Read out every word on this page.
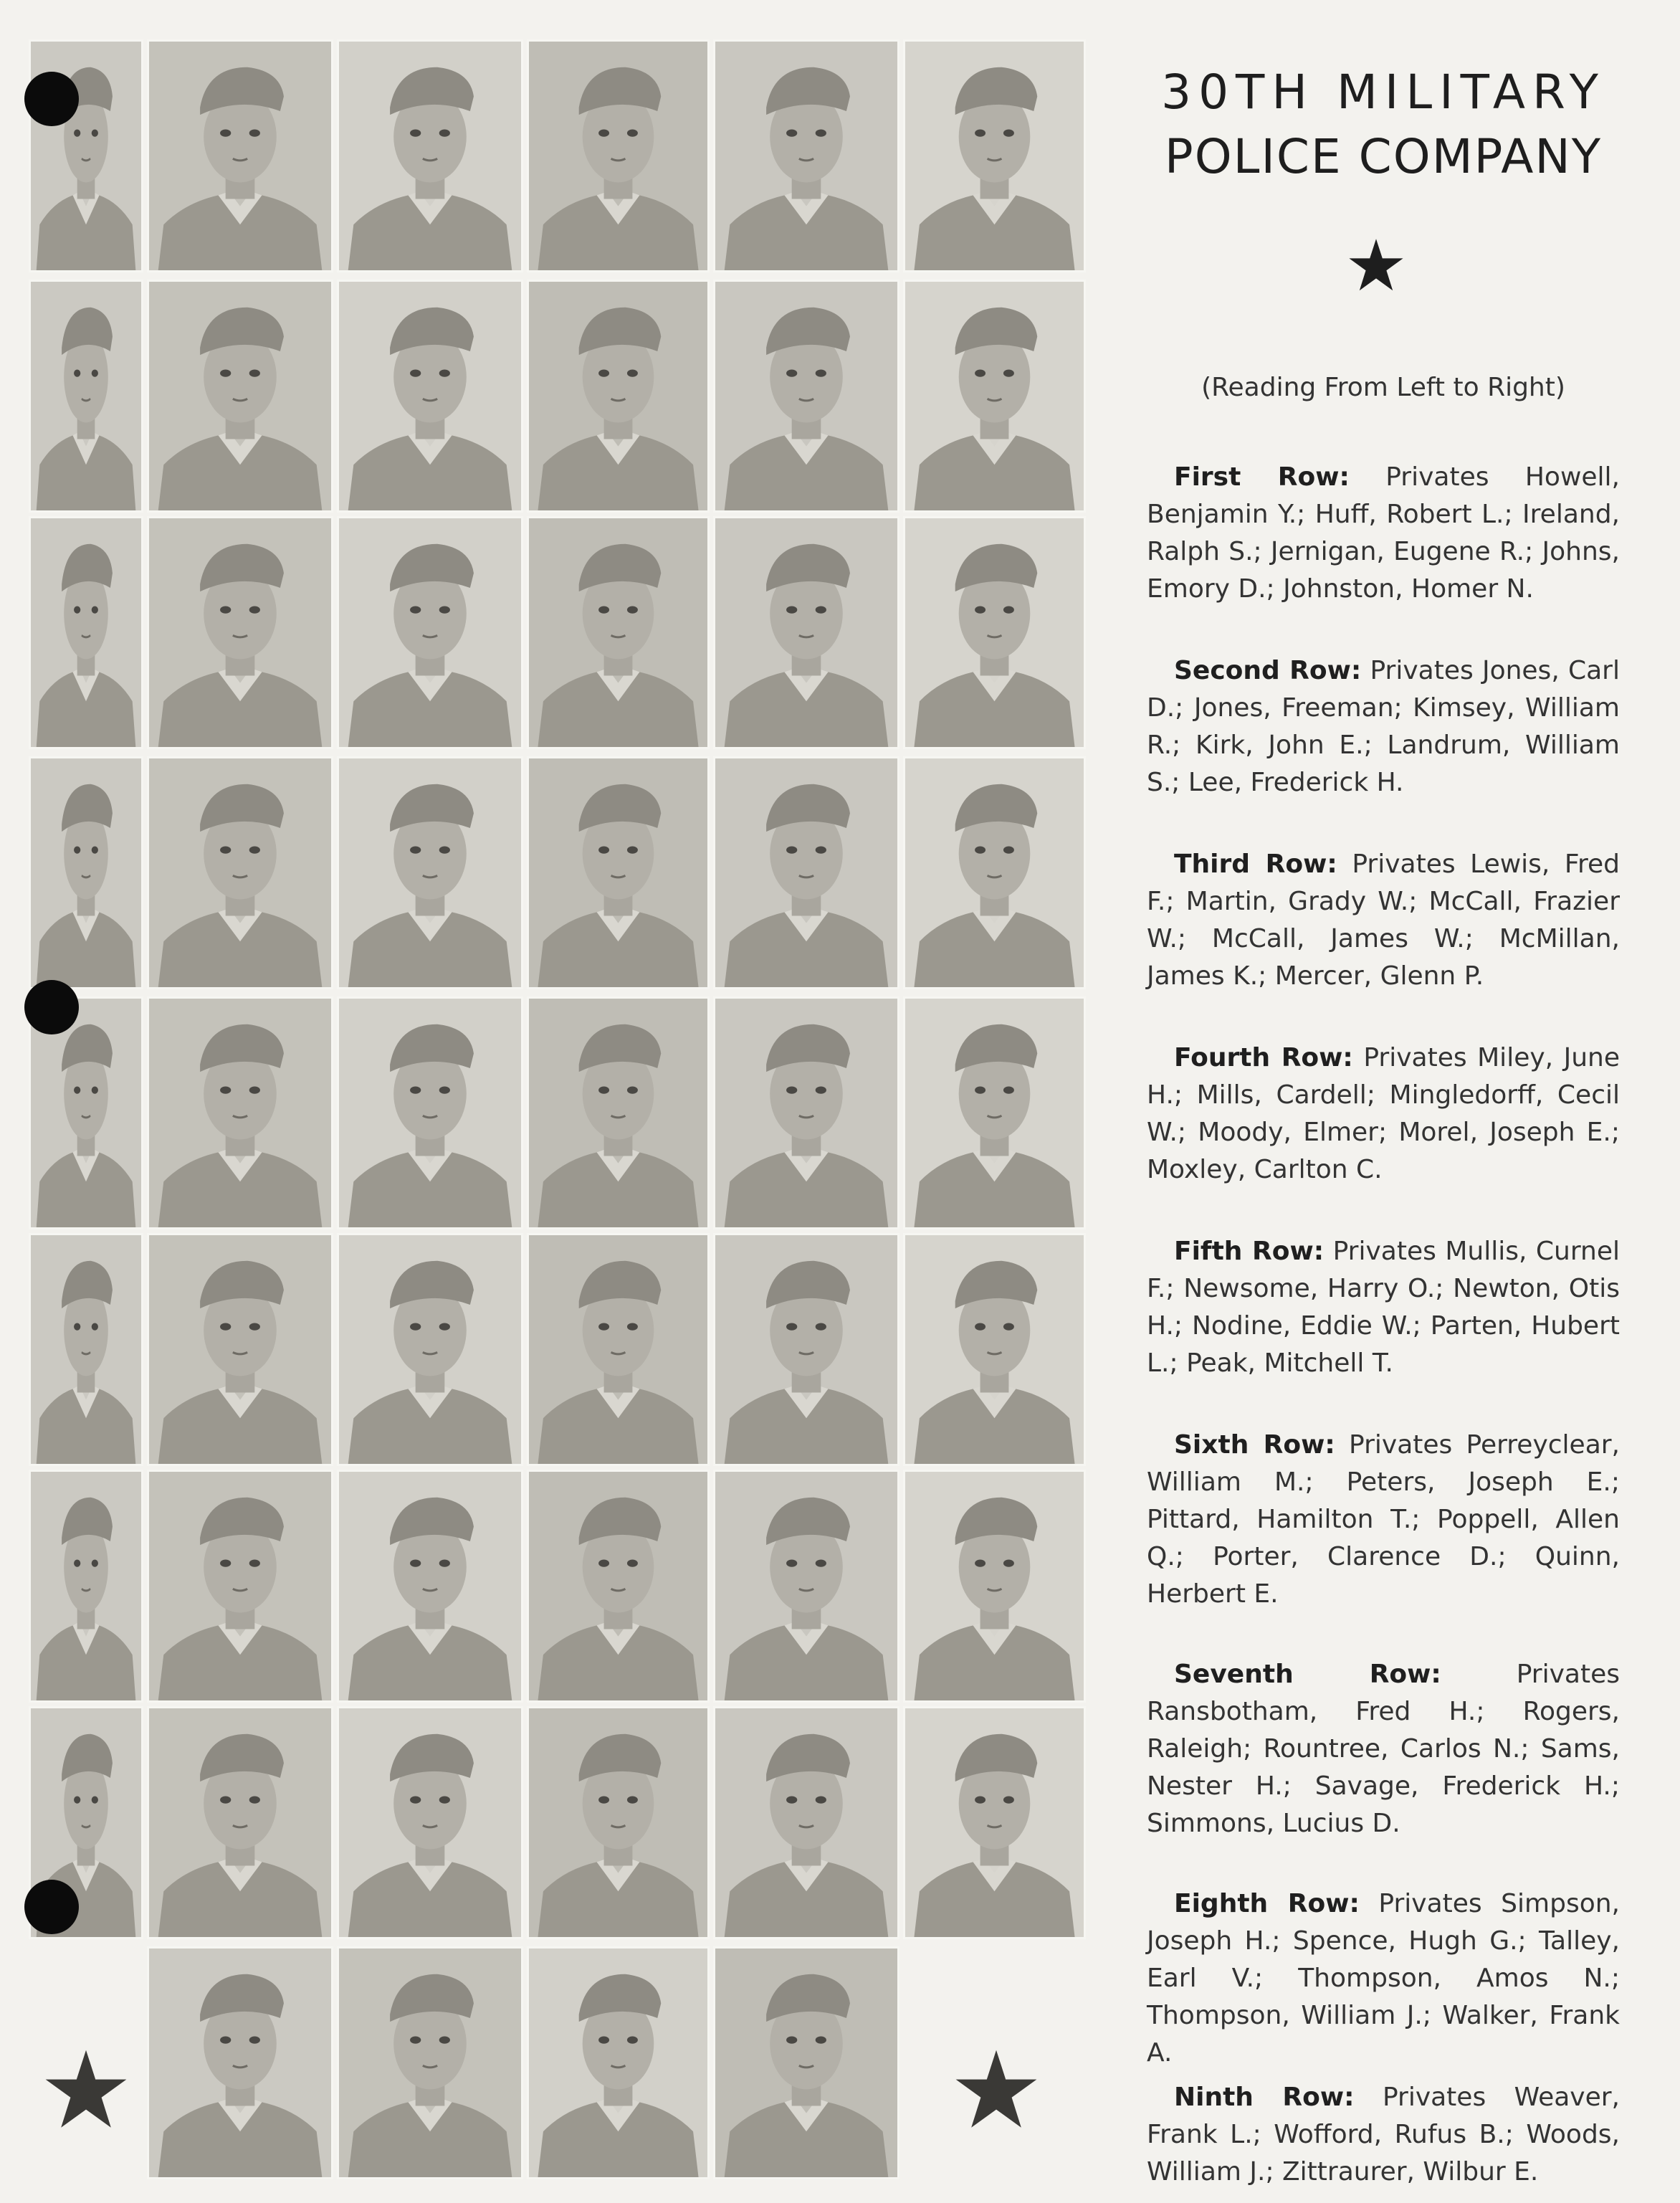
30TH MILITARY
POLICE COMPANY
(Reading From Left to Right)
First Row: Privates Howell, Benjamin Y.; Huff, Robert L.; Ireland, Ralph S.; Jernigan, Eugene R.; Johns, Emory D.; Johnston, Homer N.
Second Row: Privates Jones, Carl D.; Jones, Freeman; Kimsey, William R.; Kirk, John E.; Landrum, William S.; Lee, Frederick H.
Third Row: Privates Lewis, Fred F.; Martin, Grady W.; McCall, Frazier W.; McCall, James W.; McMillan, James K.; Mercer, Glenn P.
Fourth Row: Privates Miley, June H.; Mills, Cardell; Mingledorff, Cecil W.; Moody, Elmer; Morel, Joseph E.; Moxley, Carlton C.
Fifth Row: Privates Mullis, Curnel F.; Newsome, Harry O.; Newton, Otis H.; Nodine, Eddie W.; Parten, Hubert L.; Peak, Mitchell T.
Sixth Row: Privates Perreyclear, William M.; Peters, Joseph E.; Pittard, Hamilton T.; Poppell, Allen Q.; Porter, Clarence D.; Quinn, Herbert E.
Seventh Row:	Privates Ransbotham, Fred H.; Rogers, Raleigh; Rountree, Carlos N.; Sams, Nester H.; Savage, Frederick H.; Simmons, Lucius D.
Eighth Row: Privates Simpson, Joseph H.; Spence, Hugh G.; Talley, Earl V.; Thompson, Amos N.; Thompson, William J.; Walker, Frank A.
Ninth Row: Privates Weaver, Frank L.; Wofford, Rufus B.; Woods, William J.; Zittraurer, Wilbur E.
